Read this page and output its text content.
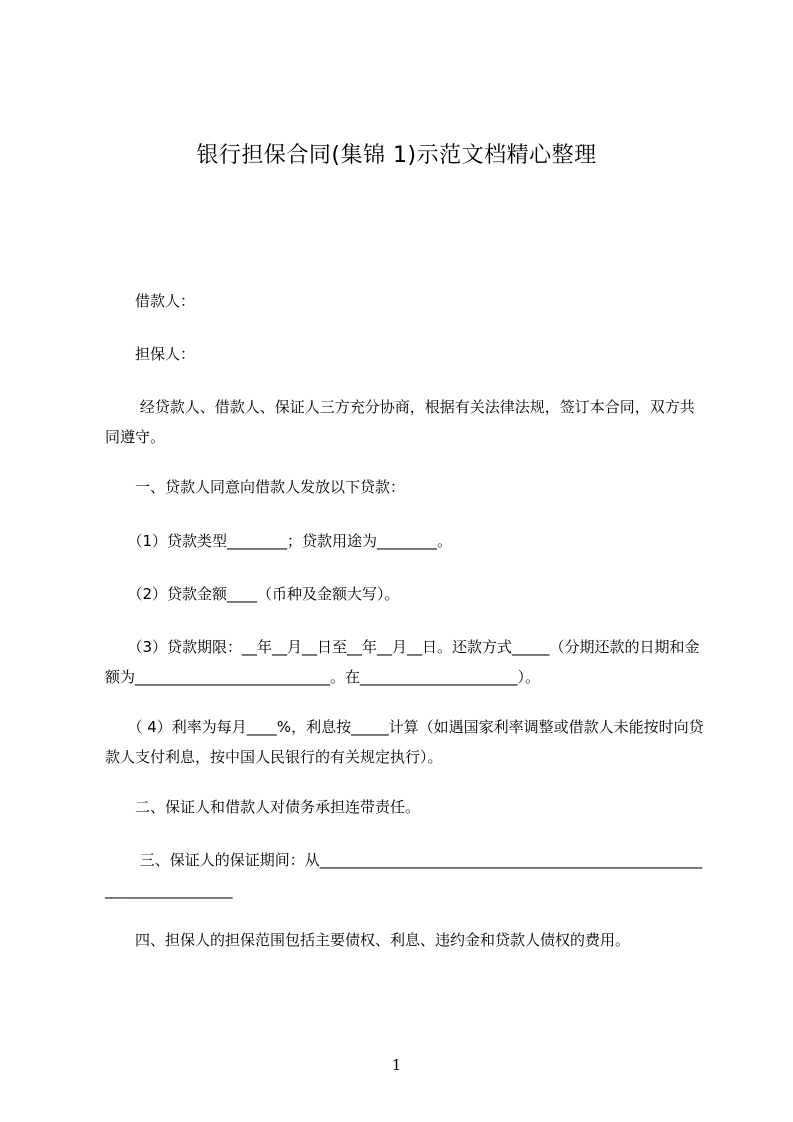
银行担保合同(集锦 1)示范文档精心整理
　　借款人：
　　担保人：
　　 经贷款人、借款人、保证人三方充分协商，根据有关法律法规，签订本合同，双方共同遵守。
　　一、贷款人同意向借款人发放以下贷款：
　　（1）贷款类型________；贷款用途为________。
　　（2）贷款金额____（币种及金额大写）。
　　（3）贷款期限：__年__月__日至__年__月__日。还款方式_____（分期还款的日期和金额为__________________________。在_____________________）。
　　（ 4）利率为每月____%，利息按_____计算（如遇国家利率调整或借款人未能按时向贷款人支付利息，按中国人民银行的有关规定执行）。
　　二、保证人和借款人对债务承担连带责任。
　　 三、保证人的保证期间：从____________________________________________________________________
　　四、担保人的担保范围包括主要债权、利息、违约金和贷款人债权的费用。
1
